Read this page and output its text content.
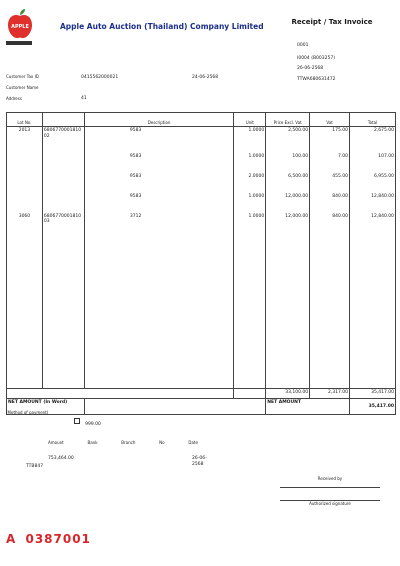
APPLE	Apple Auto Auction (Thailand) Company Limited	Receipt / Tax Invoice
0001
I0004 (B003257)
26-06-2568
TTWA680631472
Customer Tax ID	0415562000021	24-06-2568
Customer Name
Address	41

Lot No.		Description	Unit	Price Excl. Vat	Vat	Total
2013	6806770001810 02	9583	1.0000	2,500.00	175.00	2,675.00
		9583	1.0000	100.00	7.00	107.00
		9583	2.0000	6,500.00	455.00	6,955.00
		9583	1.0000	12,000.00	840.00	12,840.00
3060	6806770001810 03	3712	1.0000	12,000.00	840.00	12,840.00
				33,100.00	2,317.00	35,417.00

NET AMOUNT (In Word)				NET AMOUNT		35,417.00
(Method of payment)
999.00
Amount	Bank	Branch	No	Date
753,464.00
TTB847
26-06-2568
Received by
Authorized signature
A 0387001
